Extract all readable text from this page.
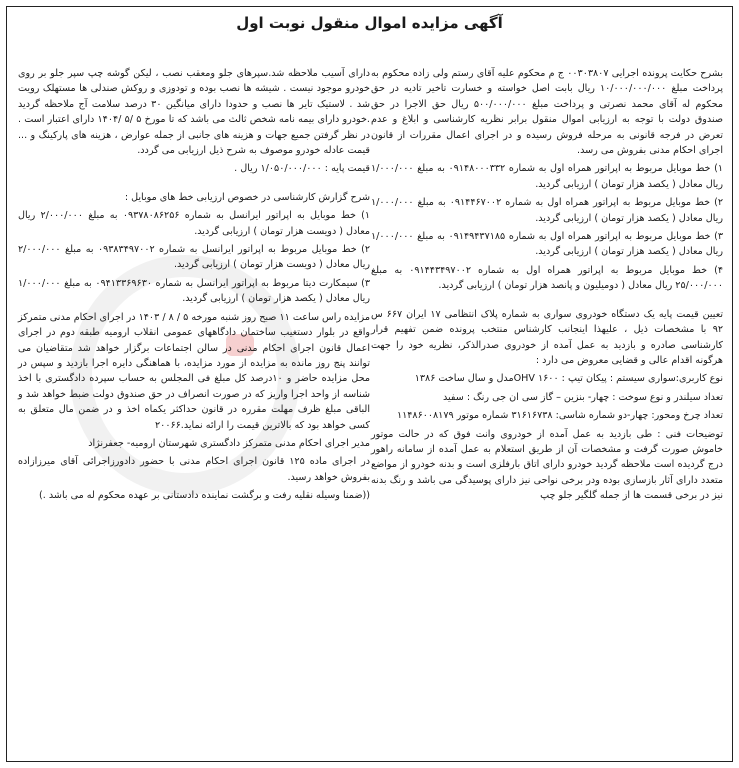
آگهی مزایده اموال منقول نوبت اول

بشرح حکایت پرونده اجرایی ۰۰۳۰۳۸۰۷ ج م محکوم علیه آقای رستم ولی زاده محکوم به پرداخت مبلغ ۱۰/۰۰۰/۰۰۰/۰۰۰ ریال بابت اصل خواسته و خسارت تاخیر تادیه در حق محکوم له آقای محمد نصرتی و پرداخت مبلغ ۵۰۰/۰۰۰/۰۰۰ ریال حق الاجرا در حق صندوق دولت با توجه به ارزیابی اموال منقول برابر نظریه کارشناسی و ابلاغ و عدم تعرض در فرجه قانونی به مرحله فروش رسیده و در اجرای اعمال مقررات از قانون اجرای احکام مدنی بفروش می رسد.

۱) خط موبایل مربوط به اپراتور همراه اول به شماره ۰۹۱۴۸۰۰۰۳۳۲ به مبلغ ۱/۰۰۰/۰۰۰ ریال معادل ( یکصد هزار تومان ) ارزیابی گردید.

۲) خط موبایل مربوط به اپراتور همراه اول به شماره ۰۹۱۴۴۶۷۰۰۲ به مبلغ ۱/۰۰۰/۰۰۰ ریال معادل ( یکصد هزار تومان ) ارزیابی گردید.

۳) خط موبایل مربوط به اپراتور همراه اول به شماره ۰۹۱۴۹۴۳۷۱۸۵ به مبلغ ۱/۰۰۰/۰۰۰ ریال معادل ( یکصد هزار تومان ) ارزیابی گردید.

۴) خط موبایل مربوط به اپراتور همراه اول به شماره ۰۹۱۴۴۳۴۹۷۰۰۲ به مبلغ ۲۵/۰۰۰/۰۰۰ ریال معادل ( دومیلیون و پانصد هزار تومان ) ارزیابی گردید.

تعیین قیمت پایه یک دستگاه خودروی سواری به شماره پلاک انتظامی ۱۷ ایران ۶۶۷ س ۹۲ با مشخصات ذیل ، علیهذا اینجانب کارشناس منتخب پرونده ضمن تفهیم قرار کارشناسی صادره و بازدید به عمل آمده از خودروی صدرالذکر، نظریه خود را جهت هرگونه اقدام عالی و قضایی معروض می دارد :

نوع کاربری:سواری سیستم : پیکان تیپ : OHV ۱۶۰۰مدل و سال ساخت ۱۳۸۶

تعداد سیلندر و نوع سوخت : چهار- بنزین – گاز سی ان جی رنگ : سفید

تعداد چرخ ومحور: چهار-دو شماره شاسی: ۳۱۶۱۶۷۳۸ شماره موتور ۱۱۴۸۶۰۰۸۱۷۹

توضیحات فنی : طی بازدید به عمل آمده از خودروی وانت فوق که در حالت موتور خاموش صورت گرفت و مشخصات آن از طریق استعلام به عمل آمده از سامانه راهور درج گردیده است ملاحظه گردید خودرو دارای اتاق بارفلزی است و بدنه خودرو از مواضع متعدد دارای آثار بازسازی بوده ودر برخی نواحی نیز دارای پوسیدگی می باشد و رنگ بدنه نیز در برخی قسمت ها از جمله گلگیر جلو چپ

دارای آسیب ملاحظه شد.سپرهای جلو ومعقب نصب ، لیکن گوشه چپ سپر جلو بر روی خودرو موجود نیست . شیشه ها نصب بوده و تودوزی و روکش صندلی ها مستهلک رویت شد . لاستیک تایر ها نصب و حدودا دارای میانگین ۳۰ درصد سلامت آج ملاحظه گردید .خودرو دارای بیمه نامه شخص ثالث می باشد که تا مورخ ۵ /۵ /۱۴۰۴ دارای اعتبار است . در نظر گرفتن جمیع جهات و هزینه های جانبی از جمله عوارض ، هزینه های پارکینگ و ... قیمت عادله خودرو موصوف به شرح ذیل ارزیابی می گردد.

قیمت پایه : ۱/۰۵۰/۰۰۰/۰۰۰ ریال .

شرح گزارش کارشناسی در خصوص ارزیابی خط های موبایل :

۱) خط موبایل به اپراتور ایرانسل به شماره ۰۹۳۷۸۰۸۶۲۵۶ به مبلغ ۲/۰۰۰/۰۰۰ ریال معادل ( دویست هزار تومان ) ارزیابی گردید.

۲) خط موبایل مربوط به اپراتور ایرانسل به شماره ۰۹۳۸۳۴۹۷۰۰۲ به مبلغ ۲/۰۰۰/۰۰۰ ریال معادل ( دویست هزار تومان ) ارزیابی گردید.

۳) سیمکارت دیتا مربوط به اپراتور ایرانسل به شماره ۰۹۴۱۳۳۶۹۶۳۰ به مبلغ ۱/۰۰۰/۰۰۰ ریال معادل ( یکصد هزار تومان ) ارزیابی گردید.

مزایده راس ساعت ۱۱ صبح روز شنبه مورخه ۵ / ۸ / ۱۴۰۳ در اجرای احکام مدنی متمرکز واقع در بلوار دستغیب ساختمان دادگاههای عمومی انقلاب ارومیه طبقه دوم در اجرای اعمال قانون اجرای احکام مدنی در سالن اجتماعات برگزار خواهد شد متقاضیان می توانند پنج روز مانده به مزایده از مورد مزایده، با هماهنگی دایره اجرا بازدید و سپس در محل مزایده حاضر و ۱۰درصد کل مبلغ فی المجلس به حساب سپرده دادگستری با اخذ شناسه از واحد اجرا واریز که در صورت انصراف در حق صندوق دولت ضبط خواهد شد و الباقی مبلغ ظرف مهلت مقرره در قانون حداکثر یکماه اخذ و در ضمن مال متعلق به کسی خواهد بود که بالاترین قیمت را ارائه نماید.۲۰۰۶۶

مدیر اجرای احکام مدنی متمرکز دادگستری شهرستان ارومیه- جعفرنژاد

در اجرای ماده ۱۲۵ قانون اجرای احکام مدنی با حضور دادورزاجرائی آقای میرزازاده بفروش خواهد رسید.

((ضمنا وسیله نقلیه رفت و برگشت نماینده دادستانی بر عهده محکوم له می باشد .)
